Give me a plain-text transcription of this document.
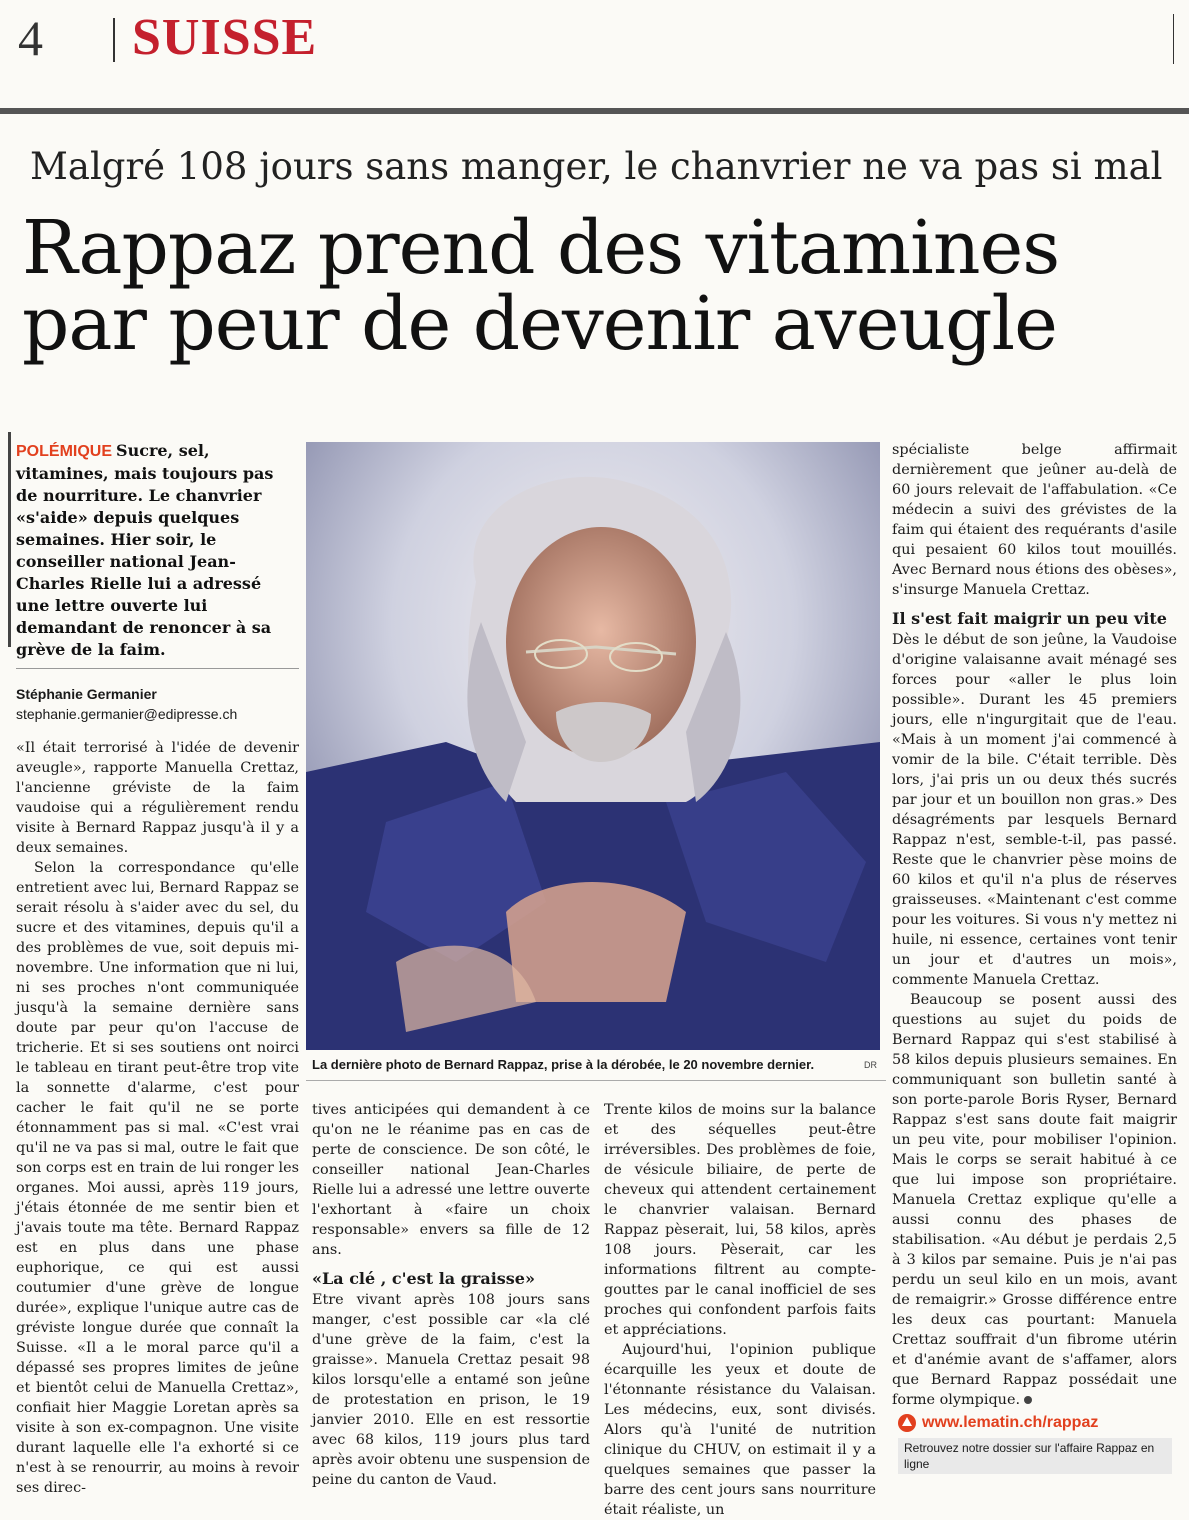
4 SUISSE
Malgré 108 jours sans manger, le chanvrier ne va pas si mal
Rappaz prend des vitamines
par peur de devenir aveugle
POLÉMIQUE Sucre, sel, vitamines, mais toujours pas de nourriture. Le chanvrier «s'aide» depuis quelques semaines. Hier soir, le conseiller national Jean-Charles Rielle lui a adressé une lettre ouverte lui demandant de renoncer à sa grève de la faim.
Stéphanie Germanier
stephanie.germanier@edipresse.ch

«Il était terrorisé à l'idée de devenir aveugle», rapporte Manuella Crettaz, l'ancienne gréviste de la faim vaudoise qui a régulièrement rendu visite à Bernard Rappaz jusqu'à il y a deux semaines.

Selon la correspondance qu'elle entretient avec lui, Bernard Rappaz se serait résolu à s'aider avec du sel, du sucre et des vitamines, depuis qu'il a des problèmes de vue, soit depuis mi-novembre. Une information que ni lui, ni ses proches n'ont communiquée jusqu'à la semaine dernière sans doute par peur qu'on l'accuse de tricherie. Et si ses soutiens ont noirci le tableau en tirant peut-être trop vite la sonnette d'alarme, c'est pour cacher le fait qu'il ne se porte étonnamment pas si mal. «C'est vrai qu'il ne va pas si mal, outre le fait que son corps est en train de lui ronger les organes. Moi aussi, après 119 jours, j'étais étonnée de me sentir bien et j'avais toute ma tête. Bernard Rappaz est en plus dans une phase euphorique, ce qui est aussi coutumier d'une grève de longue durée», explique l'unique autre cas de gréviste longue durée que connaît la Suisse. «Il a le moral parce qu'il a dépassé ses propres limites de jeûne et bientôt celui de Manuella Crettaz», confiait hier Maggie Loretan après sa visite à son ex-compagnon. Une visite durant laquelle elle l'a exhorté si ce n'est à se renourrir, au moins à revoir ses direc-

La dernière photo de Bernard Rappaz, prise à la dérobée, le 20 novembre dernier.	DR

tives anticipées qui demandent à ce qu'on ne le réanime pas en cas de perte de conscience. De son côté, le conseiller national Jean-Charles Rielle lui a adressé une lettre ouverte l'exhortant à «faire un choix responsable» envers sa fille de 12 ans.

«La clé , c'est la graisse»

Etre vivant après 108 jours sans manger, c'est possible car «la clé d'une grève de la faim, c'est la graisse». Manuela Crettaz pesait 98 kilos lorsqu'elle a entamé son jeûne de protestation en prison, le 19 janvier 2010. Elle en est ressortie avec 68 kilos, 119 jours plus tard après avoir obtenu une suspension de peine du canton de Vaud.

Trente kilos de moins sur la balance et des séquelles peut-être irréversibles. Des problèmes de foie, de vésicule biliaire, de perte de cheveux qui attendent certainement le chanvrier valaisan. Bernard Rappaz pèserait, lui, 58 kilos, après 108 jours. Pèserait, car les informations filtrent au compte-gouttes par le canal inofficiel de ses proches qui confondent parfois faits et appréciations.

Aujourd'hui, l'opinion publique écarquille les yeux et doute de l'étonnante résistance du Valaisan. Les médecins, eux, sont divisés. Alors qu'à l'unité de nutrition clinique du CHUV, on estimait il y a quelques semaines que passer la barre des cent jours sans nourriture était réaliste, un

spécialiste belge affirmait dernièrement que jeûner au-delà de 60 jours relevait de l'affabulation. «Ce médecin a suivi des grévistes de la faim qui étaient des requérants d'asile qui pesaient 60 kilos tout mouillés. Avec Bernard nous étions des obèses», s'insurge Manuela Crettaz.

Il s'est fait maigrir un peu vite

Dès le début de son jeûne, la Vaudoise d'origine valaisanne avait ménagé ses forces pour «aller le plus loin possible». Durant les 45 premiers jours, elle n'ingurgitait que de l'eau. «Mais à un moment j'ai commencé à vomir de la bile. C'était terrible. Dès lors, j'ai pris un ou deux thés sucrés par jour et un bouillon non gras.» Des désagréments par lesquels Bernard Rappaz n'est, semble-t-il, pas passé. Reste que le chanvrier pèse moins de 60 kilos et qu'il n'a plus de réserves graisseuses. «Maintenant c'est comme pour les voitures. Si vous n'y mettez ni huile, ni essence, certaines vont tenir un jour et d'autres un mois», commente Manuela Crettaz.

Beaucoup se posent aussi des questions au sujet du poids de Bernard Rappaz qui s'est stabilisé à 58 kilos depuis plusieurs semaines. En communiquant son bulletin santé à son porte-parole Boris Ryser, Bernard Rappaz s'est sans doute fait maigrir un peu vite, pour mobiliser l'opinion. Mais le corps se serait habitué à ce que lui impose son propriétaire. Manuela Crettaz explique qu'elle a aussi connu des phases de stabilisation. «Au début je perdais 2,5 à 3 kilos par semaine. Puis je n'ai pas perdu un seul kilo en un mois, avant de remaigrir.» Grosse différence entre les deux cas pourtant: Manuela Crettaz souffrait d'un fibrome utérin et d'anémie avant de s'affamer, alors que Bernard Rappaz possédait une forme olympique.

www.lematin.ch/rappaz
Retrouvez notre dossier sur l'affaire Rappaz en ligne
